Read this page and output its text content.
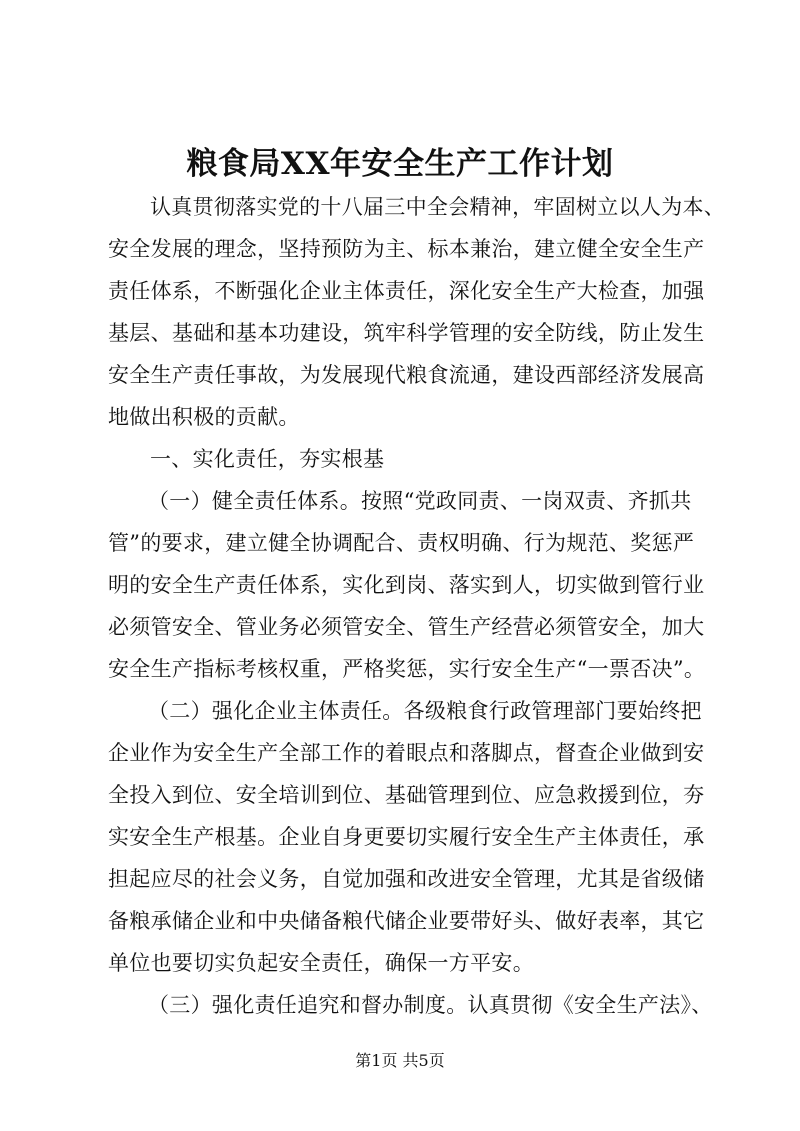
粮食局XX年安全生产工作计划

认真贯彻落实党的十八届三中全会精神，牢固树立以人为本、

安全发展的理念，坚持预防为主、标本兼治，建立健全安全生产

责任体系，不断强化企业主体责任，深化安全生产大检查，加强

基层、基础和基本功建设，筑牢科学管理的安全防线，防止发生

安全生产责任事故，为发展现代粮食流通，建设西部经济发展高

地做出积极的贡献。

一、实化责任，夯实根基

（一）健全责任体系。按照“党政同责、一岗双责、齐抓共

管”的要求，建立健全协调配合、责权明确、行为规范、奖惩严

明的安全生产责任体系，实化到岗、落实到人，切实做到管行业

必须管安全、管业务必须管安全、管生产经营必须管安全，加大

安全生产指标考核权重，严格奖惩，实行安全生产“一票否决”。

（二）强化企业主体责任。各级粮食行政管理部门要始终把

企业作为安全生产全部工作的着眼点和落脚点，督查企业做到安

全投入到位、安全培训到位、基础管理到位、应急救援到位，夯

实安全生产根基。企业自身更要切实履行安全生产主体责任，承

担起应尽的社会义务，自觉加强和改进安全管理，尤其是省级储

备粮承储企业和中央储备粮代储企业要带好头、做好表率，其它

单位也要切实负起安全责任，确保一方平安。

（三）强化责任追究和督办制度。认真贯彻《安全生产法》、

第1页 共5页
